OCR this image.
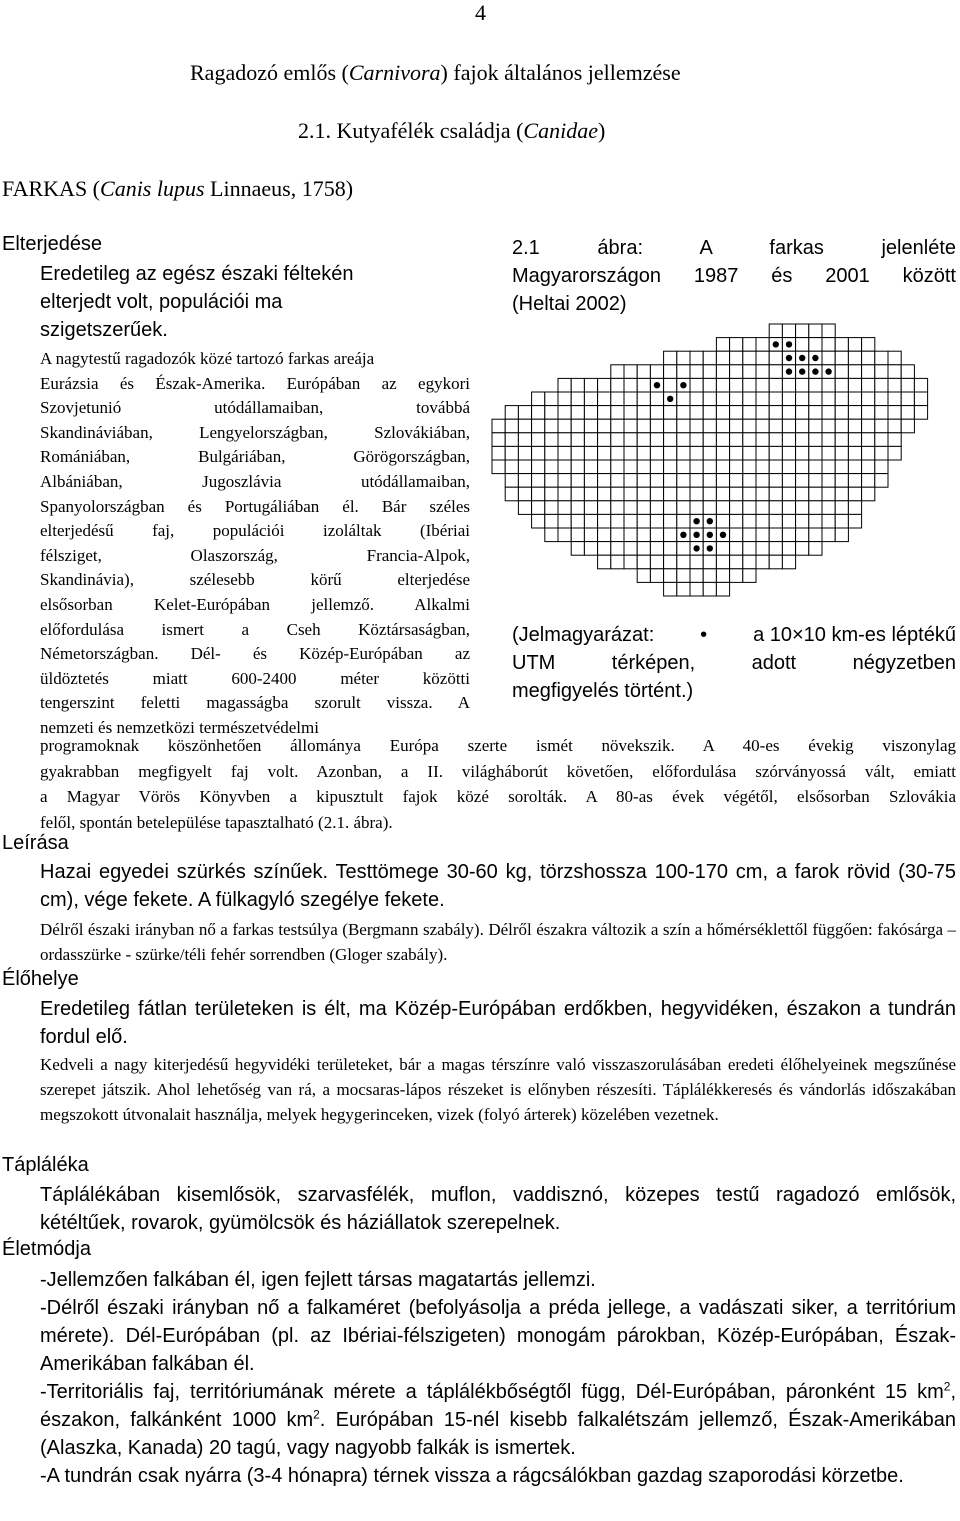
4
Ragadozó emlős (Carnivora) fajok általános jellemzése
2.1. Kutyafélék családja (Canidae)
FARKAS (Canis lupus Linnaeus, 1758)
Elterjedése
Eredetileg az egész északi féltekén
elterjedt volt, populációi ma
szigetszerűek.
A nagytestű ragadozók közé tartozó farkas areája
Eurázsia és Észak-Amerika. Európában az egykori
Szovjetunió utódállamaiban, továbbá
Skandináviában, Lengyelországban, Szlovákiában,
Romániában, Bulgáriában, Görögországban,
Albániában, Jugoszlávia utódállamaiban,
Spanyolországban és Portugáliában él. Bár széles
elterjedésű faj, populációi izoláltak (Ibériai
félsziget, Olaszország, Francia-Alpok,
Skandinávia), szélesebb körű elterjedése
elsősorban Kelet-Európában jellemző. Alkalmi
előfordulása ismert a Cseh Köztársaságban,
Németországban. Dél- és Közép-Európában az
üldöztetés miatt 600-2400 méter közötti
tengerszint feletti magasságba szorult vissza. A
nemzeti és nemzetközi természetvédelmi
programoknak köszönhetően állománya Európa szerte ismét növekszik. A 40-es évekig viszonylag
gyakrabban megfigyelt faj volt. Azonban, a II. világháborút követően, előfordulása szórványossá vált, emiatt
a Magyar Vörös Könyvben a kipusztult fajok közé sorolták. A 80-as évek végétől, elsősorban Szlovákia
felől, spontán betelepülése tapasztalható (2.1. ábra).
2.1 ábra: A farkas jelenléte
Magyarországon 1987 és 2001 között
(Heltai 2002)
(Jelmagyarázat: • a 10×10 km-es léptékű
UTM térképen, adott négyzetben
megfigyelés történt.)
Leírása
Hazai egyedei szürkés színűek. Testtömege 30-60 kg, törzshossza 100-170 cm, a farok rövid (30-75 cm), vége fekete. A fülkagyló szegélye fekete.
Délről északi irányban nő a farkas testsúlya (Bergmann szabály). Délről északra változik a szín a hőmérséklettől függően: fakósárga – ordasszürke - szürke/téli fehér sorrendben (Gloger szabály).
Élőhelye
Eredetileg fátlan területeken is élt, ma Közép-Európában erdőkben, hegyvidéken, északon a tundrán fordul elő.
Kedveli a nagy kiterjedésű hegyvidéki területeket, bár a magas térszínre való visszaszorulásában eredeti élőhelyeinek megszűnése szerepet játszik. Ahol lehetőség van rá, a mocsaras-lápos részeket is előnyben részesíti. Táplálékkeresés és vándorlás időszakában megszokott útvonalait használja, melyek hegygerinceken, vizek (folyó árterek) közelében vezetnek.
Tápláléka
Táplálékában kisemlősök, szarvasfélék, muflon, vaddisznó, közepes testű ragadozó emlősök, kétéltűek, rovarok, gyümölcsök és háziállatok szerepelnek.
Életmódja
-Jellemzően falkában él, igen fejlett társas magatartás jellemzi.
-Délről északi irányban nő a falkaméret (befolyásolja a préda jellege, a vadászati siker, a territórium mérete). Dél-Európában (pl. az Ibériai-félszigeten) monogám párokban, Közép-Európában, Észak-Amerikában falkában él.
-Territoriális faj, territóriumának mérete a táplálékbőségtől függ, Dél-Európában, páronként 15 $km^2$, északon, falkánként 1000 $km^2$. Európában 15-nél kisebb falkalétszám jellemző, Észak-Amerikában (Alaszka, Kanada) 20 tagú, vagy nagyobb falkák is ismertek.
-A tundrán csak nyárra (3-4 hónapra) térnek vissza a rágcsálókban gazdag szaporodási körzetbe.
